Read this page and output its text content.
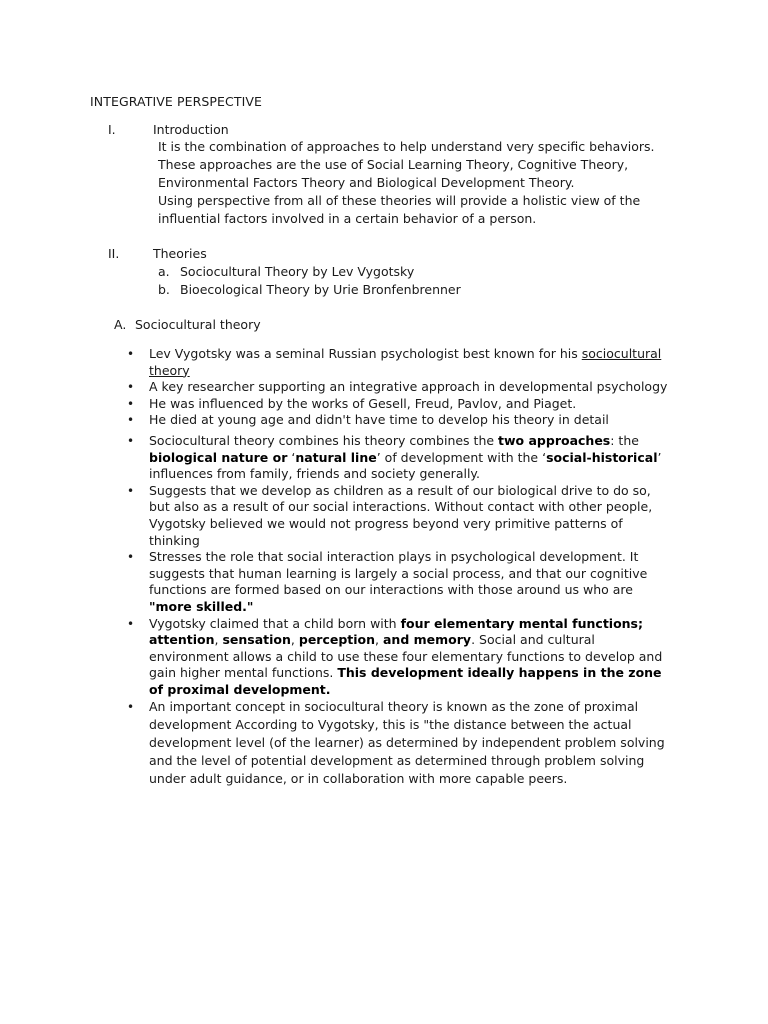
INTEGRATIVE PERSPECTIVE
I.	Introduction
It is the combination of approaches to help understand very specific behaviors.
These approaches are the use of Social Learning Theory, Cognitive Theory,
Environmental Factors Theory and Biological Development Theory.
Using perspective from all of these theories will provide a holistic view of the
influential factors involved in a certain behavior of a person.
II.	Theories
a. Sociocultural Theory by Lev Vygotsky
b. Bioecological Theory by Urie Bronfenbrenner
A. Sociocultural theory
• Lev Vygotsky was a seminal Russian psychologist best known for his sociocultural theory
• A key researcher supporting an integrative approach in developmental psychology
• He was influenced by the works of Gesell, Freud, Pavlov, and Piaget.
• He died at young age and didn't have time to develop his theory in detail
• Sociocultural theory combines his theory combines the two approaches: the biological nature or ‘natural line’ of development with the ‘social-historical’ influences from family, friends and society generally.
• Suggests that we develop as children as a result of our biological drive to do so, but also as a result of our social interactions. Without contact with other people, Vygotsky believed we would not progress beyond very primitive patterns of thinking
• Stresses the role that social interaction plays in psychological development. It suggests that human learning is largely a social process, and that our cognitive functions are formed based on our interactions with those around us who are "more skilled."
• Vygotsky claimed that a child born with four elementary mental functions; attention, sensation, perception, and memory. Social and cultural environment allows a child to use these four elementary functions to develop and gain higher mental functions. This development ideally happens in the zone of proximal development.
• An important concept in sociocultural theory is known as the zone of proximal development According to Vygotsky, this is "the distance between the actual development level (of the learner) as determined by independent problem solving and the level of potential development as determined through problem solving under adult guidance, or in collaboration with more capable peers.
